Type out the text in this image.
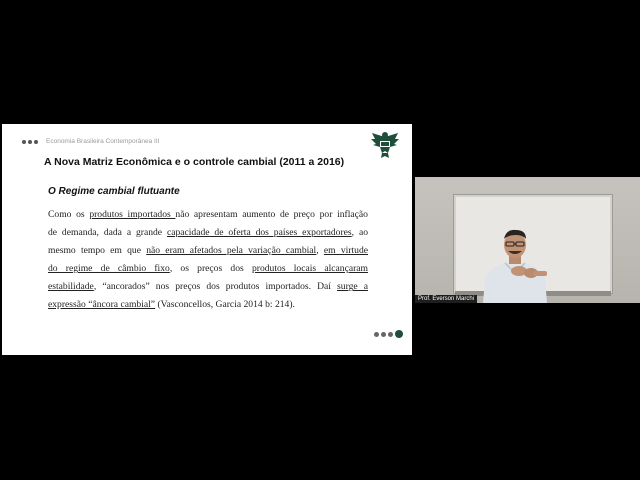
Economia Brasileira Contemporânea III
A Nova Matriz Econômica e o controle cambial (2011 a 2016)
O Regime cambial flutuante
Como os produtos importados não apresentam aumento de preço por inflação
de demanda, dada a grande capacidade de oferta dos países exportadores, ao
mesmo tempo em que não eram afetados pela variação cambial, em virtude
do regime de câmbio fixo, os preços dos produtos locais alcançaram
estabilidade, “ancorados” nos preços dos produtos importados. Daí surge a
expressão “âncora cambial” (Vasconcellos, Garcia 2014 b: 214).
Prof. Everson Marchi
